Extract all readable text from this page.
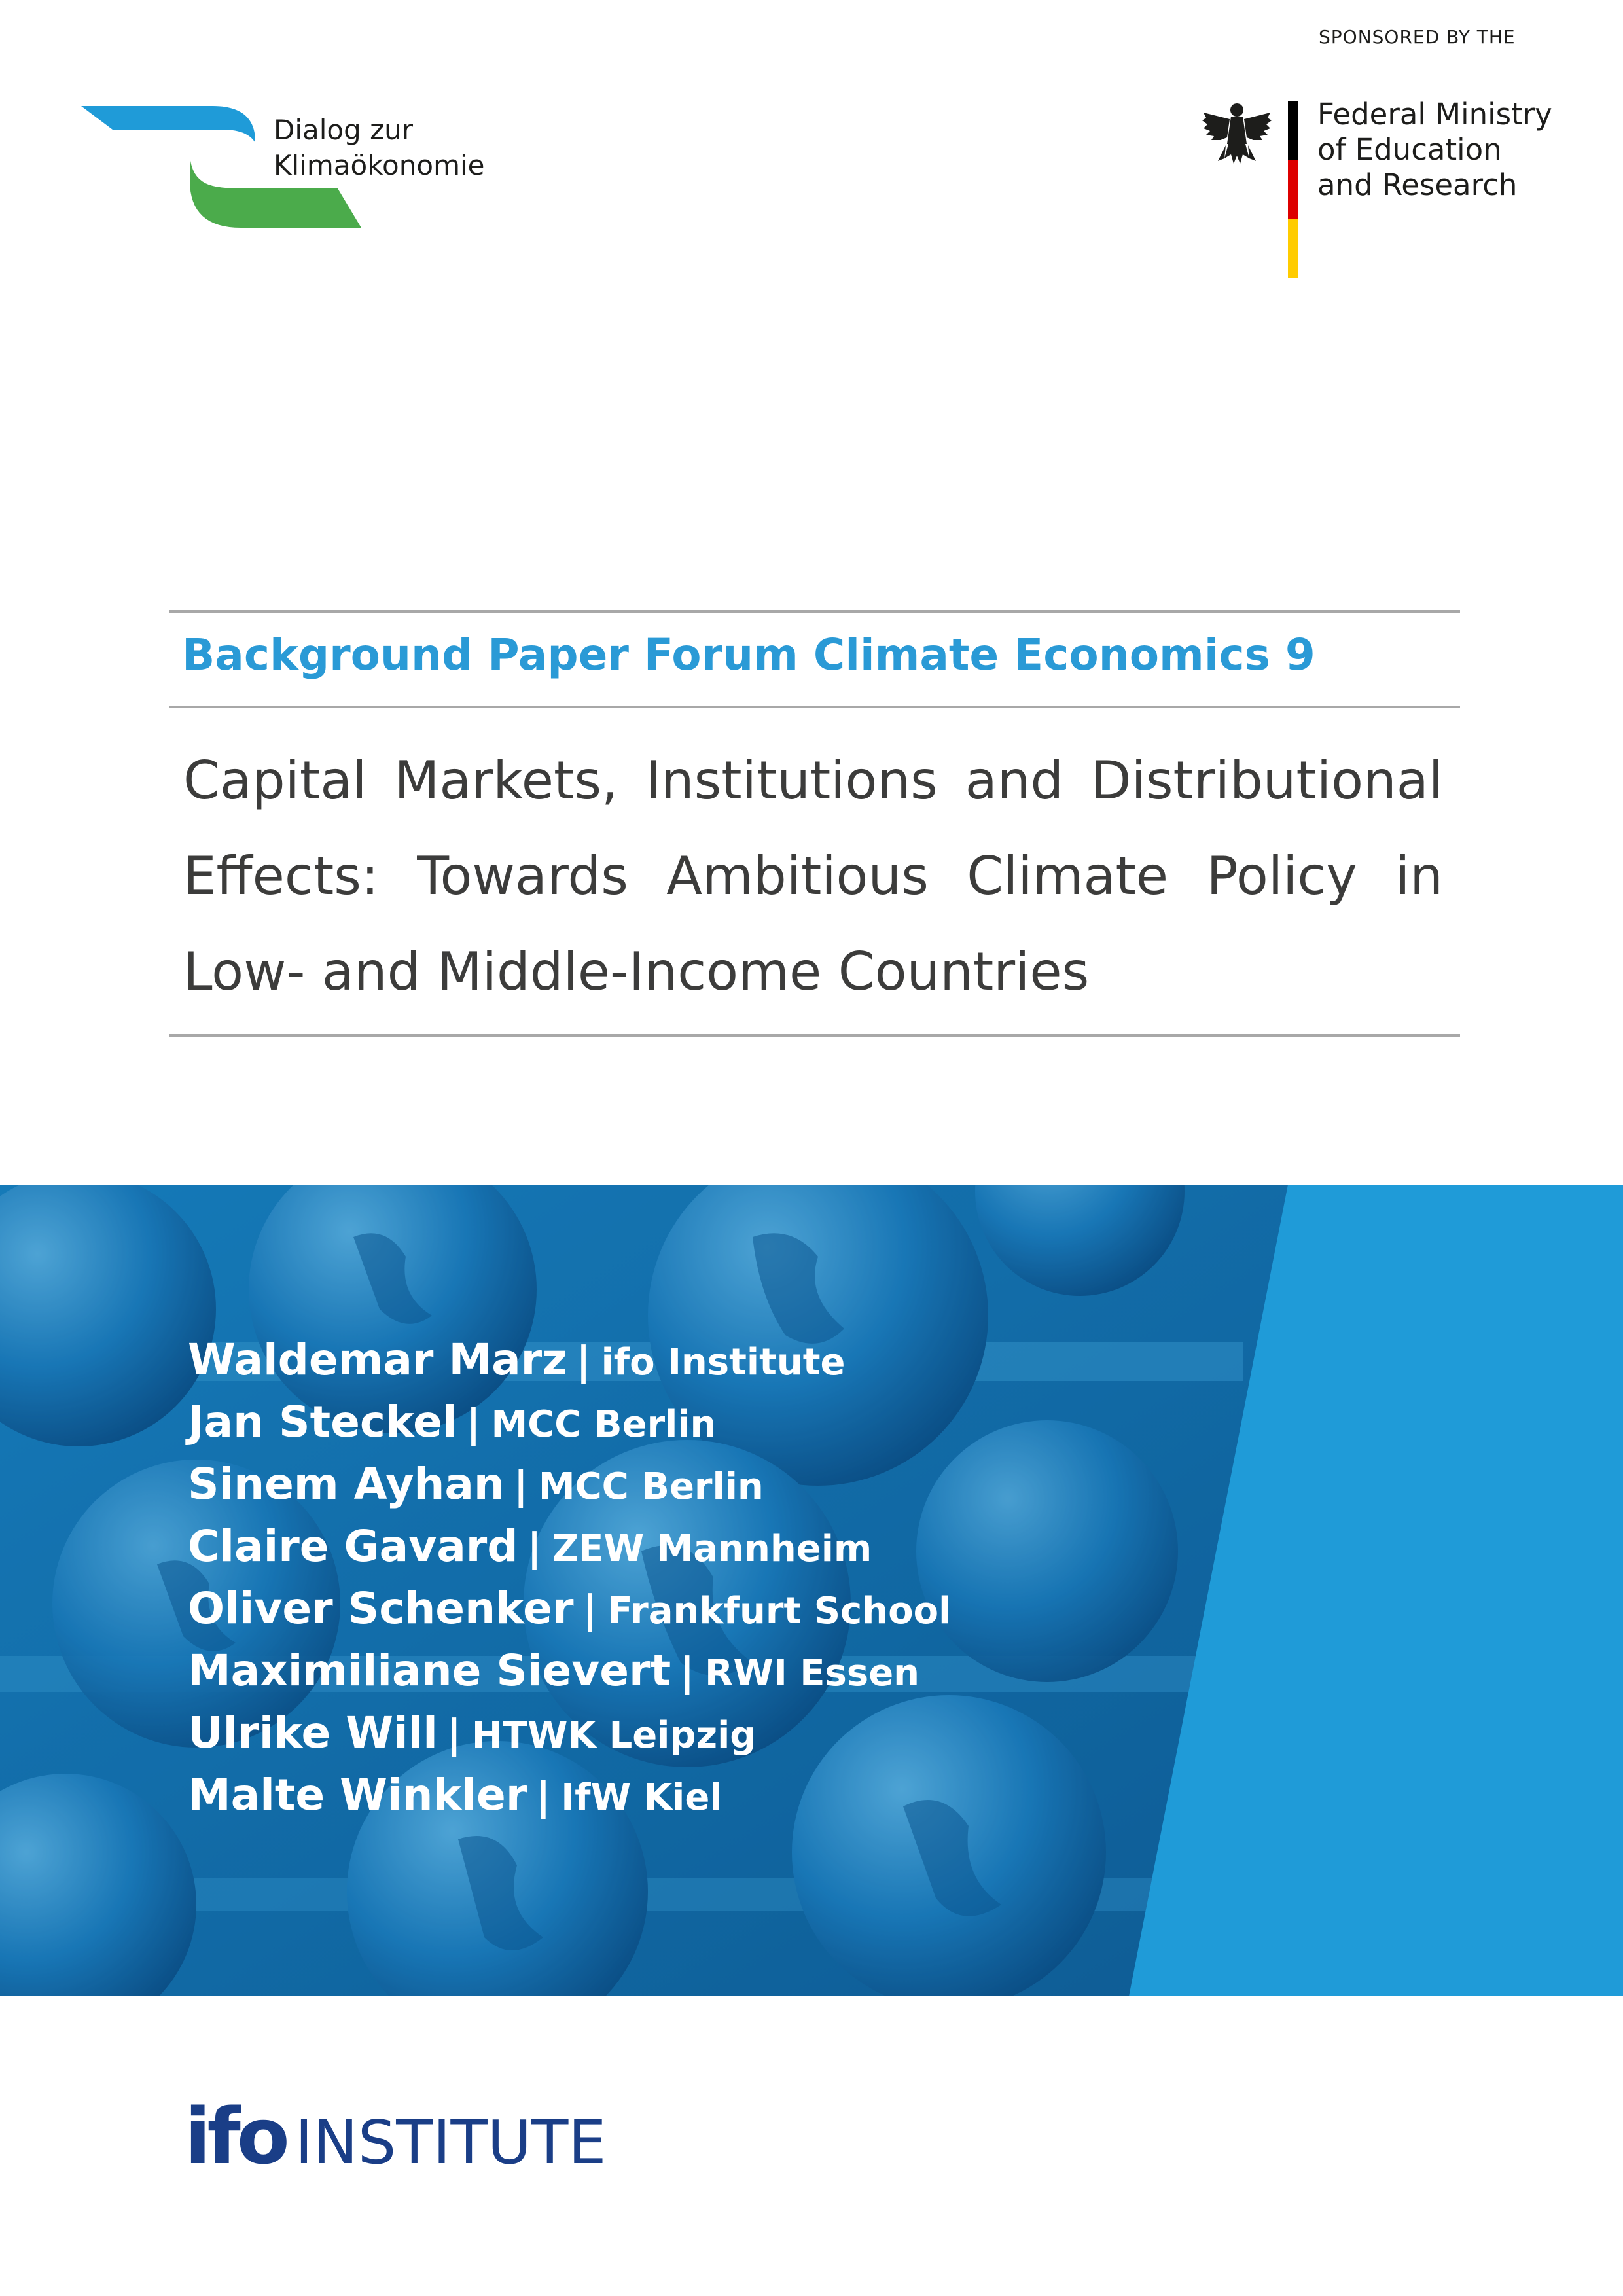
Dialog zur
Klimaökonomie
SPONSORED BY THE
Federal Ministry
of Education
and Research
Background Paper Forum Climate Economics 9
Capital Markets, Institutions and Distributional Effects: Towards Ambitious Climate Policy in Low- and Middle-Income Countries
Waldemar Marz | ifo Institute
Jan Steckel | MCC Berlin
Sinem Ayhan | MCC Berlin
Claire Gavard | ZEW Mannheim
Oliver Schenker | Frankfurt School
Maximiliane Sievert | RWI Essen
Ulrike Will | HTWK Leipzig
Malte Winkler | IfW Kiel
ifo INSTITUTE
